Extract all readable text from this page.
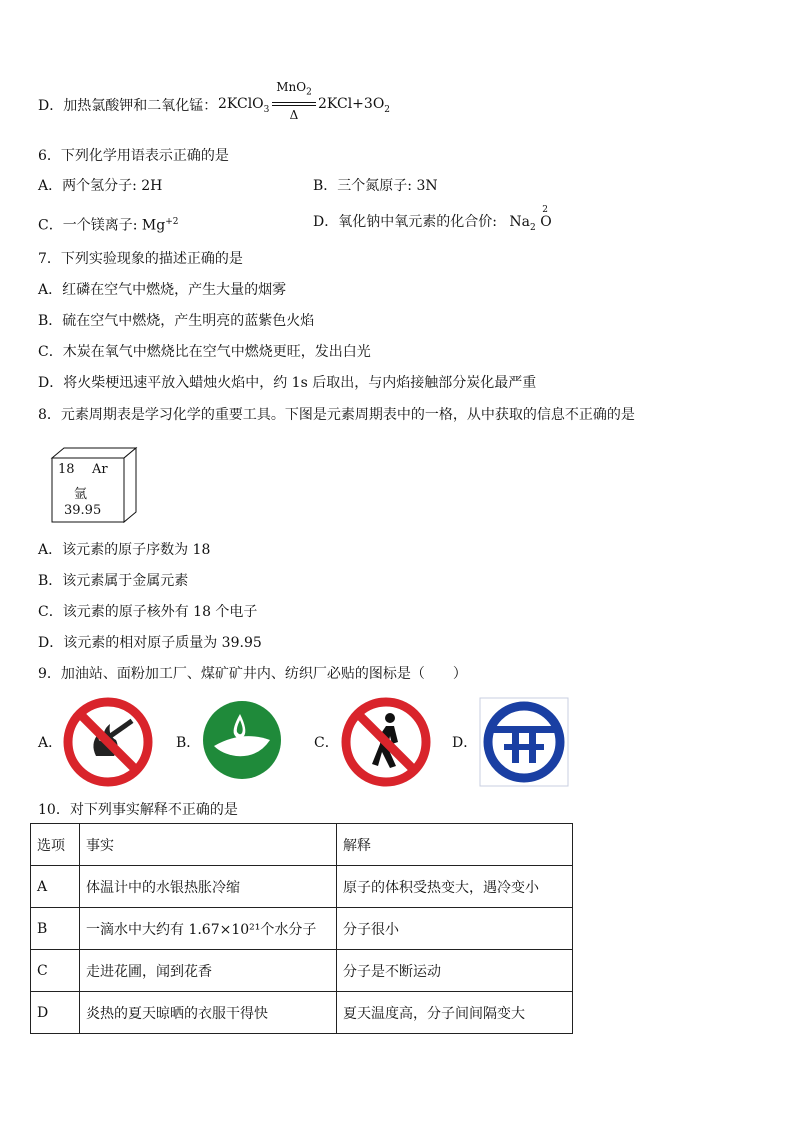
D．加热氯酸钾和二氧化锰： 2KClO$_3$
MnO$_2$
Δ
$2KCl+3O_2$
6．下列化学用语表示正确的是
A．两个氢分子: 2H	B．三个氮原子: 3N
C．一个镁离子: $Mg^{+2}$	D．氧化钠中氧元素的化合价: $Na_2$
2
O
7．下列实验现象的描述正确的是
A．红磷在空气中燃烧，产生大量的烟雾
B．硫在空气中燃烧，产生明亮的蓝紫色火焰
C．木炭在氧气中燃烧比在空气中燃烧更旺，发出白光
D．将火柴梗迅速平放入蜡烛火焰中，约 1s 后取出，与内焰接触部分炭化最严重
8．元素周期表是学习化学的重要工具。下图是元素周期表中的一格，从中获取的信息不正确的是
18 Ar
氩
39.95
A．该元素的原子序数为 18
B．该元素属于金属元素
C．该元素的原子核外有 18 个电子
D．该元素的相对原子质量为 39.95
9．加油站、面粉加工厂、煤矿矿井内、纺织厂必贴的图标是（　　）
A．	B．	C．	D．
10．对下列事实解释不正确的是
选项	事实	解释
A	体温计中的水银热胀冷缩	原子的体积受热变大，遇冷变小
B	一滴水中大约有 1.67×10²¹个水分子	分子很小
C	走进花圃，闻到花香	分子是不断运动
D	炎热的夏天晾晒的衣服干得快	夏天温度高，分子间间隔变大
